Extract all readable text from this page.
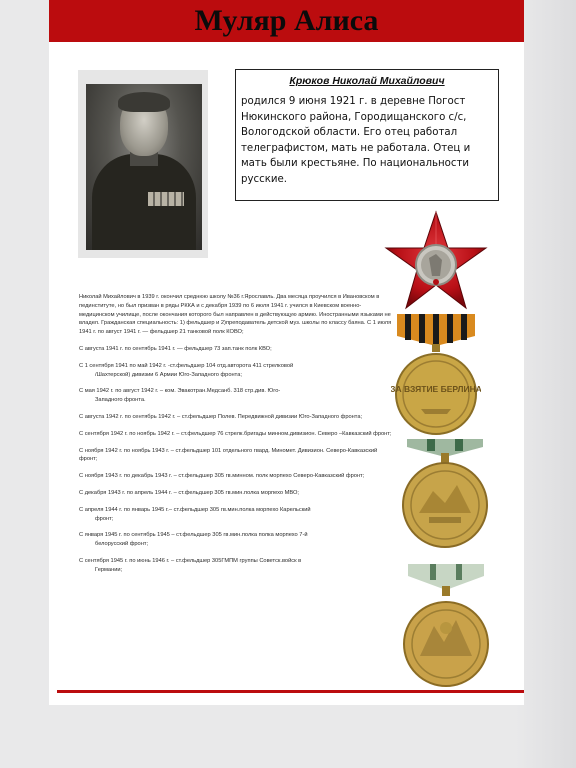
Муляр Алиса
Крюков Николай Михайлович

родился 9 июня 1921 г. в деревне Погост Нюкинского района, Городищанского с/с, Вологодской области. Его отец работал телеграфистом, мать не работала. Отец и мать были крестьяне. По национальности русские.

Николай Михайлович в 1939 г. окончил среднюю школу №36 г.Ярославль. Два месяца проучился в Ивановском в пединституте, но был призван в ряды РККА и с декабря 1939 по 6 июля 1941 г. учился в Киевском военно-медицинском училище, после окончания которого был направлен в действующую армию. Иностранными языками не владел. Гражданская специальность: 1) фельдшер и 2)преподаватель детской муз. школы по классу баяна. С 1 июля 1941 г. по август 1941 г. — фельдшер 21 танковой полк КОВО;

С августа 1941 г. по сентябрь 1941 г. — фельдшер 73 зап.танк полк КВО;

С 1 сентября 1941 по май 1942 г. -ст.фельдшер 104 отд.авторота 411 стрелковой
/Шахтерской) дивизии 6 Армии Юго-Западного фронта;

С мая 1942 г. по август 1942 г. – ком. Эвакотран.Медсанб. 318 стр.див. Юго-
Западного фронта.

С августа 1942 г. по сентябрь 1942 г. – ст.фельдшер Полев. Передвижной дивизии Юго-Западного фронта;

С сентября 1942 г. по ноябрь 1942 г. – ст.фельдшер 76 стрелк.бригады минном.дивизион. Северо –Кавказский фронт;

С ноября 1942 г. по ноябрь 1943 г. – ст.фельдшер 101 отдельного гвард. Миномет. Дивизион. Северо-Кавказский фронт;

С ноября 1943 г. по декабрь 1943 г. – ст.фельдшер 305 гв.минном. полк морпехо Северо-Кавказский фронт;

С декабря 1943 г. по апрель 1944 г. – ст.фельдшер 305 гв.мин.полка морпехо МВО;

С апреля 1944 г. по январь 1945 г.– ст.фельдшер 305 гв.мин.полка морпехо Карельский
фронт;

С января 1945 г. по сентябрь 1945 – ст.фельдшер 305 гв.мин.полка полка морпехо 7-й
белорусский фронт;

С сентября 1945 г. по июнь 1946 г. – ст.фельдшер 305ГМПМ группы Советск.войск в
Германии;

ЗА ВЗЯТИЕ БЕРЛИНА
